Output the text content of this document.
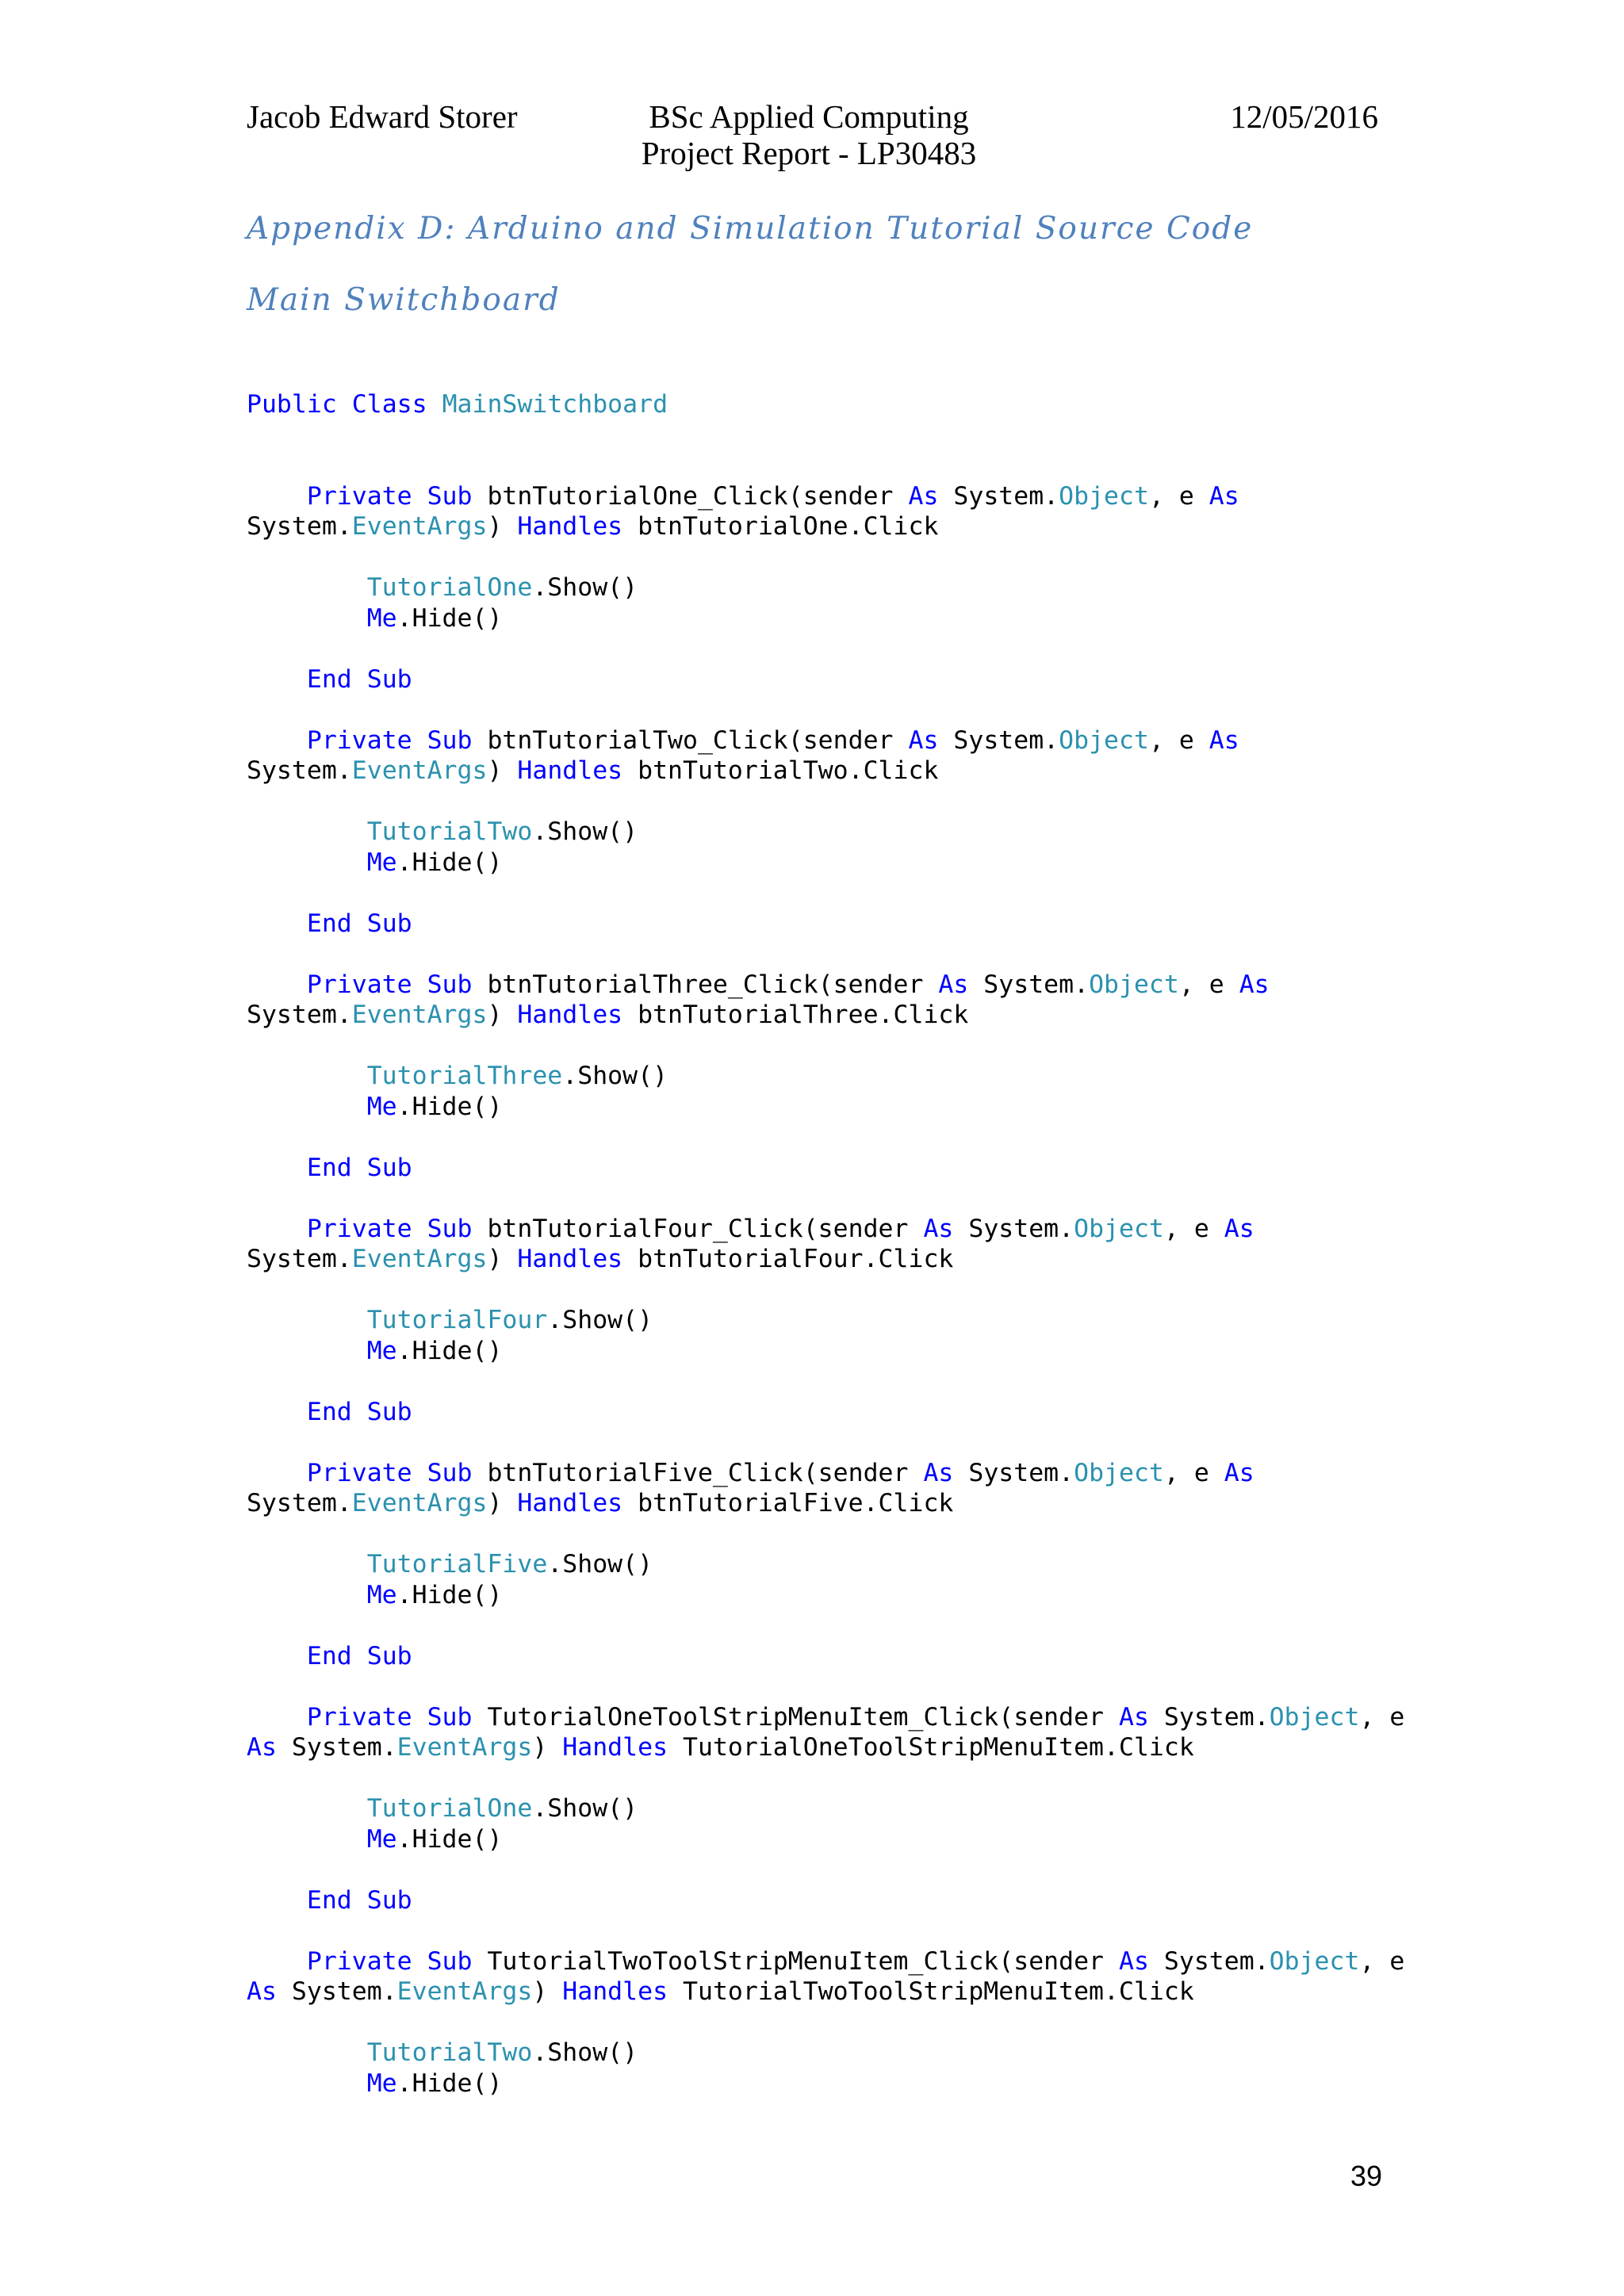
Jacob Edward Storer	BSc Applied Computing
Project Report - LP30483
12/05/2016
Appendix D: Arduino and Simulation Tutorial Source Code
Main Switchboard
Public Class MainSwitchboard
Private Sub btnTutorialOne_Click(sender As System.Object, e As
System.EventArgs) Handles btnTutorialOne.Click
TutorialOne.Show()
Me.Hide()
End Sub
Private Sub btnTutorialTwo_Click(sender As System.Object, e As
System.EventArgs) Handles btnTutorialTwo.Click
TutorialTwo.Show()
Me.Hide()
End Sub
Private Sub btnTutorialThree_Click(sender As System.Object, e As
System.EventArgs) Handles btnTutorialThree.Click
TutorialThree.Show()
Me.Hide()
End Sub
Private Sub btnTutorialFour_Click(sender As System.Object, e As
System.EventArgs) Handles btnTutorialFour.Click
TutorialFour.Show()
Me.Hide()
End Sub
Private Sub btnTutorialFive_Click(sender As System.Object, e As
System.EventArgs) Handles btnTutorialFive.Click
TutorialFive.Show()
Me.Hide()
End Sub
Private Sub TutorialOneToolStripMenuItem_Click(sender As System.Object, e
As System.EventArgs) Handles TutorialOneToolStripMenuItem.Click
TutorialOne.Show()
Me.Hide()
End Sub
Private Sub TutorialTwoToolStripMenuItem_Click(sender As System.Object, e
As System.EventArgs) Handles TutorialTwoToolStripMenuItem.Click
TutorialTwo.Show()
Me.Hide()
39
